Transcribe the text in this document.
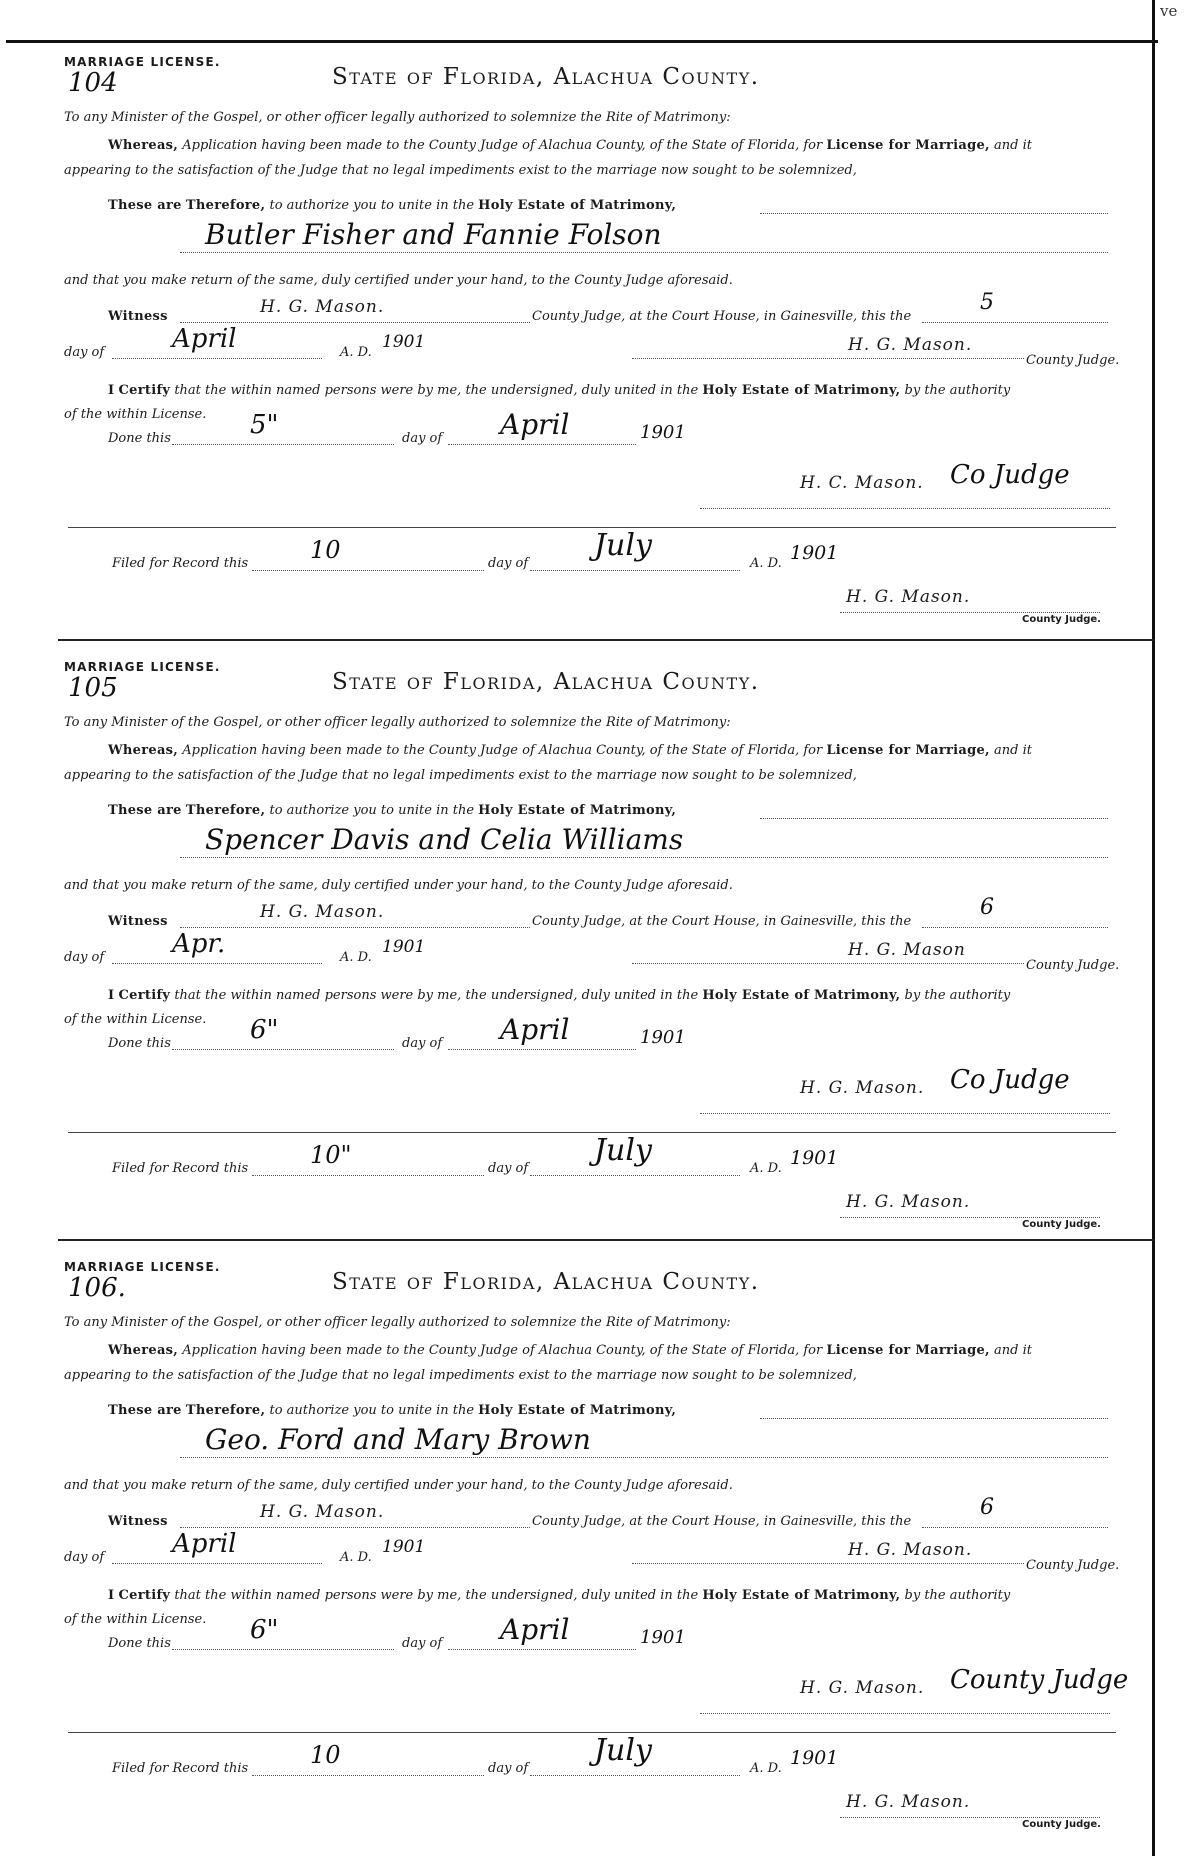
ve
MARRIAGE LICENSE.
104	State of Florida, Alachua County.
To any Minister of the Gospel, or other officer legally authorized to solemnize the Rite of Matrimony:
Whereas, Application having been made to the County Judge of Alachua County, of the State of Florida, for License for Marriage, and it
appearing to the satisfaction of the Judge that no legal impediments exist to the marriage now sought to be solemnized,
These are Therefore, to authorize you to unite in the Holy Estate of Matrimony,
Butler Fisher and Fannie Folson
and that you make return of the same, duly certified under your hand, to the County Judge aforesaid.
Witness	H. G. Mason.	County Judge, at the Court House, in Gainesville, this the
5
day of	April	A. D.
1901	H. G. Mason.
County Judge.
I Certify that the within named persons were by me, the undersigned, duly united in the Holy Estate of Matrimony, by the authority
of the within License.
Done this	5"	day of April	1901
H. C. Mason. Co Judge
Filed for Record this	10	day of
July
A. D. 1901
H. G. Mason.
County Judge.
MARRIAGE LICENSE.
105	State of Florida, Alachua County.
To any Minister of the Gospel, or other officer legally authorized to solemnize the Rite of Matrimony:
Whereas, Application having been made to the County Judge of Alachua County, of the State of Florida, for License for Marriage, and it
appearing to the satisfaction of the Judge that no legal impediments exist to the marriage now sought to be solemnized,
These are Therefore, to authorize you to unite in the Holy Estate of Matrimony,
Spencer Davis and Celia Williams
and that you make return of the same, duly certified under your hand, to the County Judge aforesaid.
Witness	H. G. Mason.	County Judge, at the Court House, in Gainesville, this the
6
day of	Apr.	A. D.
1901	H. G. Mason
County Judge.
I Certify that the within named persons were by me, the undersigned, duly united in the Holy Estate of Matrimony, by the authority
of the within License.
Done this	6"	day of April	1901
H. G. Mason. Co Judge
Filed for Record this	10"	day of
July
A. D. 1901
H. G. Mason.
County Judge.
MARRIAGE LICENSE.
106.	State of Florida, Alachua County.
To any Minister of the Gospel, or other officer legally authorized to solemnize the Rite of Matrimony:
Whereas, Application having been made to the County Judge of Alachua County, of the State of Florida, for License for Marriage, and it
appearing to the satisfaction of the Judge that no legal impediments exist to the marriage now sought to be solemnized,
These are Therefore, to authorize you to unite in the Holy Estate of Matrimony,
Geo. Ford and Mary Brown
and that you make return of the same, duly certified under your hand, to the County Judge aforesaid.
Witness	H. G. Mason.	County Judge, at the Court House, in Gainesville, this the
6
day of	April	A. D.
1901	H. G. Mason.
County Judge.
I Certify that the within named persons were by me, the undersigned, duly united in the Holy Estate of Matrimony, by the authority
of the within License.
Done this	6"	day of April	1901
H. G. Mason. County Judge
Filed for Record this	10	day of
July
A. D. 1901
H. G. Mason.
County Judge.
